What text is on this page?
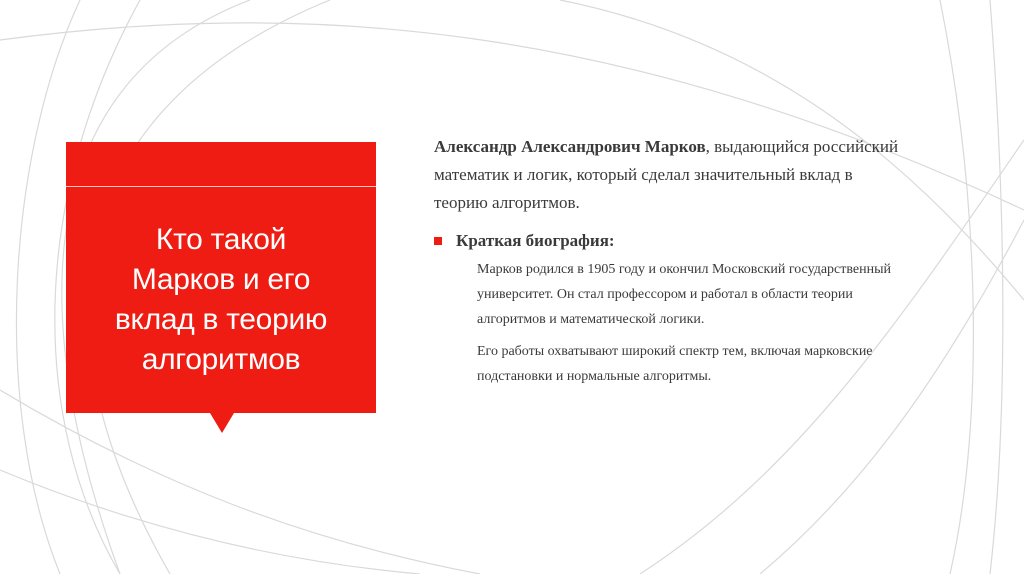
Кто такой
Марков и его
вклад в теорию
алгоритмов

Александр Александрович Марков, выдающийся российский математик и логик, который сделал значительный вклад в теорию алгоритмов.

Краткая биография:

Марков родился в 1905 году и окончил Московский государственный университет. Он стал профессором и работал в области теории алгоритмов и математической логики.

Его работы охватывают широкий спектр тем, включая марковские подстановки и нормальные алгоритмы.
